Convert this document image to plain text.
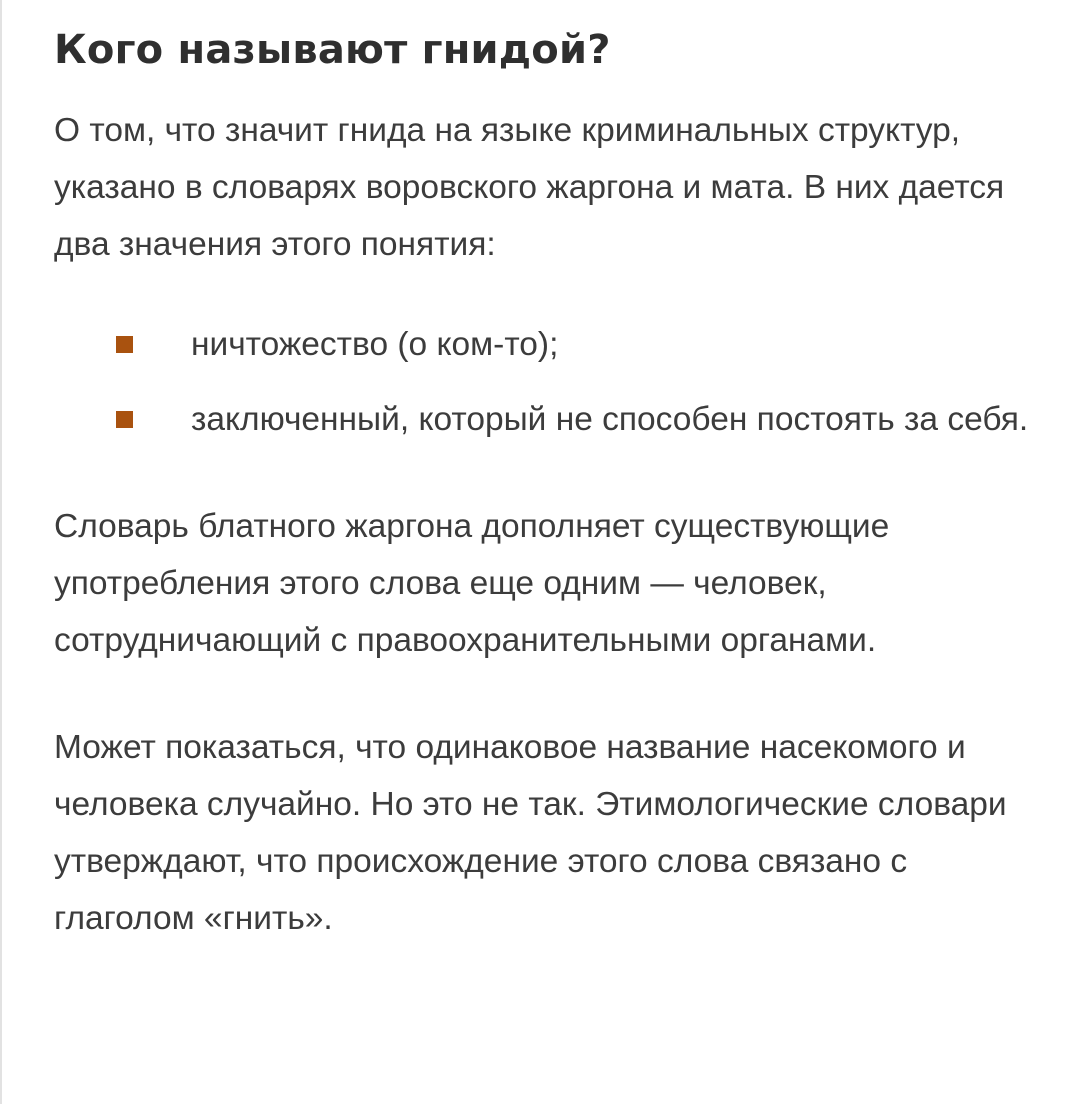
Кого называют гнидой?

О том, что значит гнида на языке криминальных структур, указано в словарях воровского жаргона и мата. В них дается два значения этого понятия:

ничтожество (о ком-то);
заключенный, который не способен постоять за себя.

Словарь блатного жаргона дополняет существующие употребления этого слова еще одним — человек, сотрудничающий с правоохранительными органами.

Может показаться, что одинаковое название насекомого и человека случайно. Но это не так. Этимологические словари утверждают, что происхождение этого слова связано с глаголом «гнить».
